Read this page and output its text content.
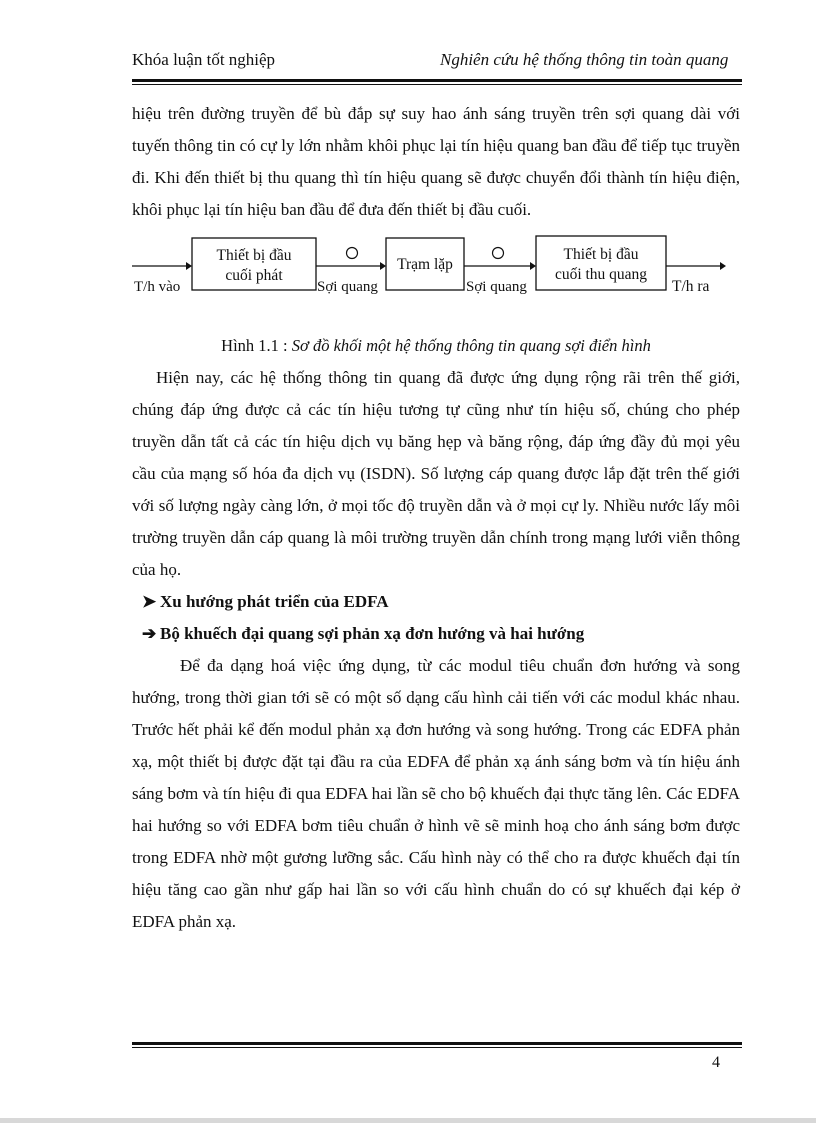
Khóa luận tốt nghiệp	Nghiên cứu hệ thống thông tin toàn quang

hiệu trên đường truyền để bù đắp sự suy hao ánh sáng truyền trên sợi quang dài với tuyến thông tin có cự ly lớn nhằm khôi phục lại tín hiệu quang ban đầu để tiếp tục truyền đi. Khi đến thiết bị thu quang thì tín hiệu quang sẽ được chuyển đổi thành tín hiệu điện, khôi phục lại tín hiệu ban đầu để đưa đến thiết bị đầu cuối.

T/h vào
Thiết bị đầu
cuối phát
Sợi quang
Trạm lặp
Sợi quang
Thiết bị đầu
cuối thu quang
T/h ra

Hình 1.1 : Sơ đồ khối một hệ thống thông tin quang sợi điển hình

Hiện nay, các hệ thống thông tin quang đã được ứng dụng rộng rãi trên thế giới, chúng đáp ứng được cả các tín hiệu tương tự cũng như tín hiệu số, chúng cho phép truyền dẫn tất cả các tín hiệu dịch vụ băng hẹp và băng rộng, đáp ứng đầy đủ mọi yêu cầu của mạng số hóa đa dịch vụ (ISDN). Số lượng cáp quang được lắp đặt trên thế giới với số lượng ngày càng lớn, ở mọi tốc độ truyền dẫn và ở mọi cự ly. Nhiều nước lấy môi trường truyền dẫn cáp quang là môi trường truyền dẫn chính trong mạng lưới viễn thông của họ.

➤ Xu hướng phát triển của EDFA

➔ Bộ khuếch đại quang sợi phản xạ đơn hướng và hai hướng

Để đa dạng hoá việc ứng dụng, từ các modul tiêu chuẩn đơn hướng và song hướng, trong thời gian tới sẽ có một số dạng cấu hình cải tiến với các modul khác nhau. Trước hết phải kể đến modul phản xạ đơn hướng và song hướng. Trong các EDFA phản xạ, một thiết bị được đặt tại đầu ra của EDFA để phản xạ ánh sáng bơm và tín hiệu ánh sáng bơm và tín hiệu đi qua EDFA hai lần sẽ cho bộ khuếch đại thực tăng lên. Các EDFA hai hướng so với EDFA bơm tiêu chuẩn ở hình vẽ sẽ minh hoạ cho ánh sáng bơm được trong EDFA nhờ một gương lưỡng sắc. Cấu hình này có thể cho ra được khuếch đại tín hiệu tăng cao gần như gấp hai lần so với cấu hình chuẩn do có sự khuếch đại kép ở EDFA phản xạ.

4
